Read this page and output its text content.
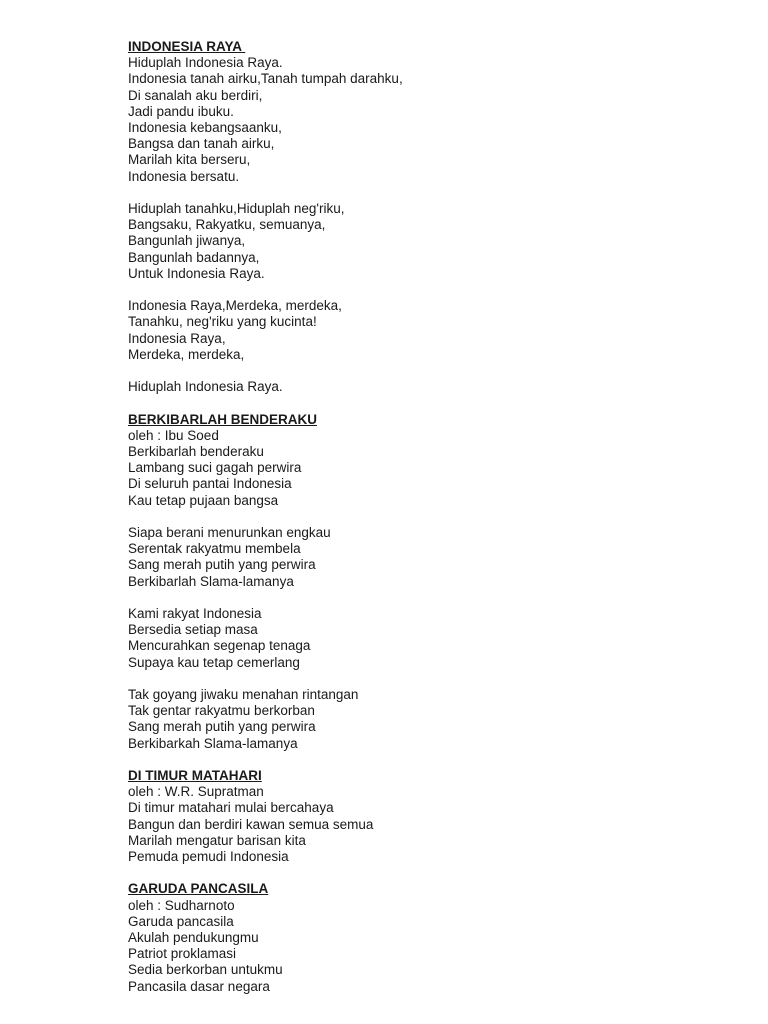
INDONESIA RAYA
Hiduplah Indonesia Raya.
Indonesia tanah airku,Tanah tumpah darahku,
Di sanalah aku berdiri,
Jadi pandu ibuku.
Indonesia kebangsaanku,
Bangsa dan tanah airku,
Marilah kita berseru,
Indonesia bersatu.
Hiduplah tanahku,Hiduplah neg'riku,
Bangsaku, Rakyatku, semuanya,
Bangunlah jiwanya,
Bangunlah badannya,
Untuk Indonesia Raya.
Indonesia Raya,Merdeka, merdeka,
Tanahku, neg'riku yang kucinta!
Indonesia Raya,
Merdeka, merdeka,
Hiduplah Indonesia Raya.
BERKIBARLAH BENDERAKU
oleh : Ibu Soed
Berkibarlah benderaku
Lambang suci gagah perwira
Di seluruh pantai Indonesia
Kau tetap pujaan bangsa
Siapa berani menurunkan engkau
Serentak rakyatmu membela
Sang merah putih yang perwira
Berkibarlah Slama-lamanya
Kami rakyat Indonesia
Bersedia setiap masa
Mencurahkan segenap tenaga
Supaya kau tetap cemerlang
Tak goyang jiwaku menahan rintangan
Tak gentar rakyatmu berkorban
Sang merah putih yang perwira
Berkibarkah Slama-lamanya
DI TIMUR MATAHARI
oleh : W.R. Supratman
Di timur matahari mulai bercahaya
Bangun dan berdiri kawan semua semua
Marilah mengatur barisan kita
Pemuda pemudi Indonesia
GARUDA PANCASILA
oleh : Sudharnoto
Garuda pancasila
Akulah pendukungmu
Patriot proklamasi
Sedia berkorban untukmu
Pancasila dasar negara
